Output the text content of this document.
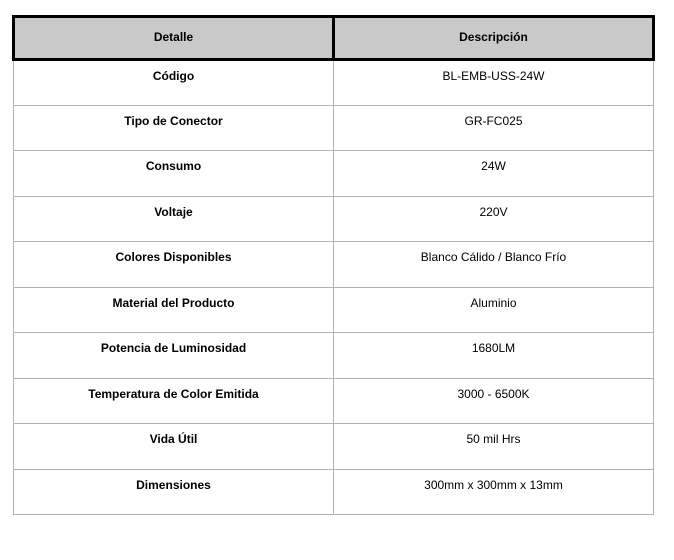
Detalle	Descripción
Código	BL-EMB-USS-24W
Tipo de Conector	GR-FC025
Consumo	24W
Voltaje	220V
Colores Disponibles	Blanco Cálido / Blanco Frío
Material del Producto	Aluminio
Potencia de Luminosidad	1680LM
Temperatura de Color Emitida	3000 - 6500K
Vida Útil	50 mil Hrs
Dimensiones	300mm x 300mm x 13mm
